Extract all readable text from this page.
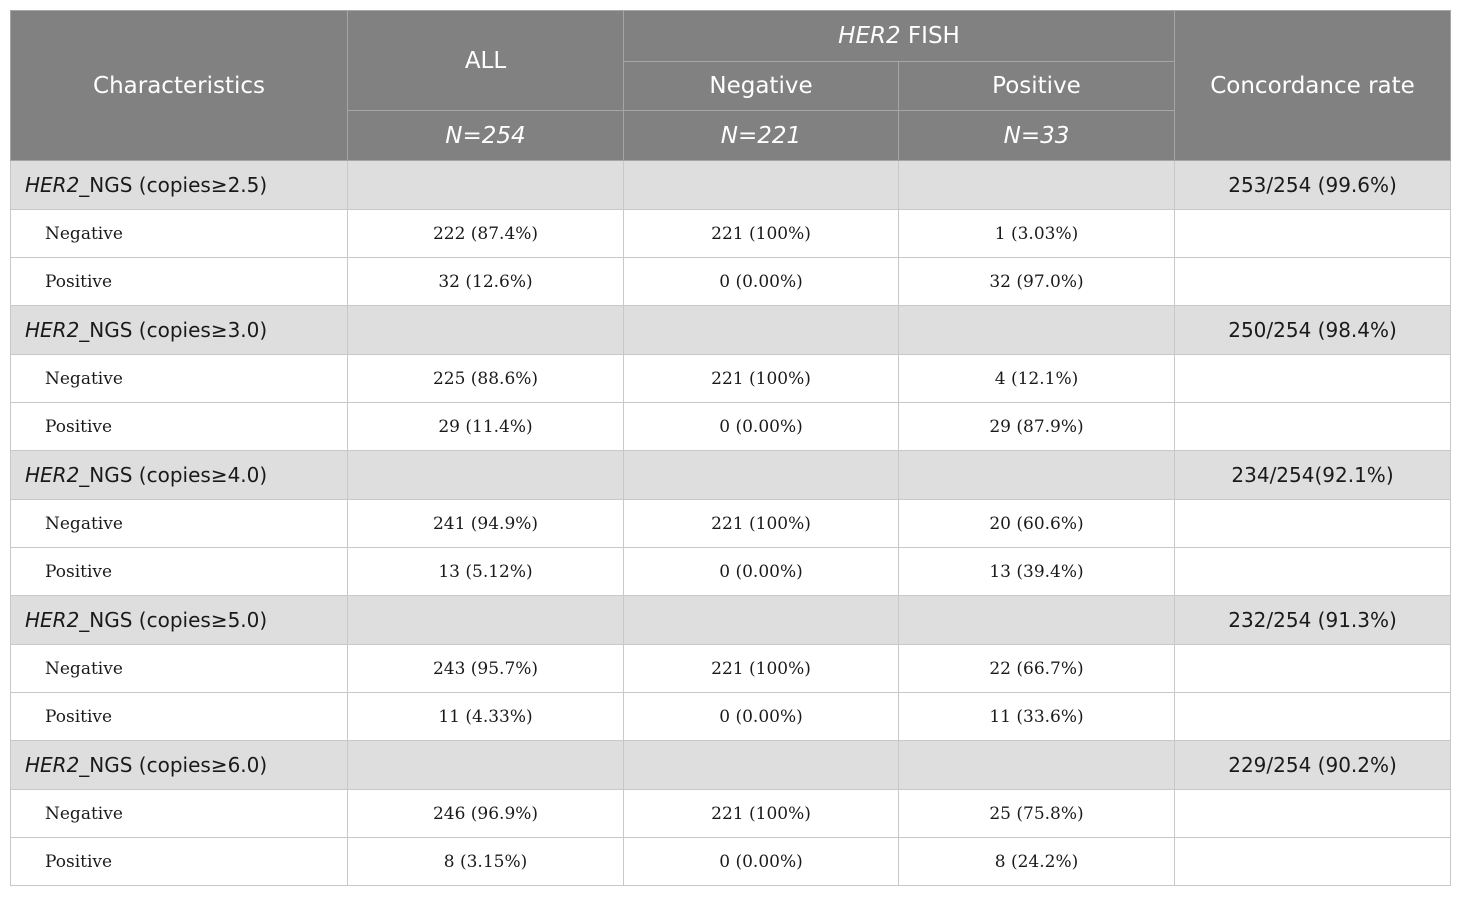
Characteristics	ALL	HER2 FISH		Concordance rate
		Negative	Positive	
	N=254	N=221	N=33	
HER2_NGS (copies≥2.5)				253/254 (99.6%)
Negative	222 (87.4%)	221 (100%)	1 (3.03%)	
Positive	32 (12.6%)	0 (0.00%)	32 (97.0%)	
HER2_NGS (copies≥3.0)				250/254 (98.4%)
Negative	225 (88.6%)	221 (100%)	4 (12.1%)	
Positive	29 (11.4%)	0 (0.00%)	29 (87.9%)	
HER2_NGS (copies≥4.0)				234/254(92.1%)
Negative	241 (94.9%)	221 (100%)	20 (60.6%)	
Positive	13 (5.12%)	0 (0.00%)	13 (39.4%)	
HER2_NGS (copies≥5.0)				232/254 (91.3%)
Negative	243 (95.7%)	221 (100%)	22 (66.7%)	
Positive	11 (4.33%)	0 (0.00%)	11 (33.6%)	
HER2_NGS (copies≥6.0)				229/254 (90.2%)
Negative	246 (96.9%)	221 (100%)	25 (75.8%)	
Positive	8 (3.15%)	0 (0.00%)	8 (24.2%)	
